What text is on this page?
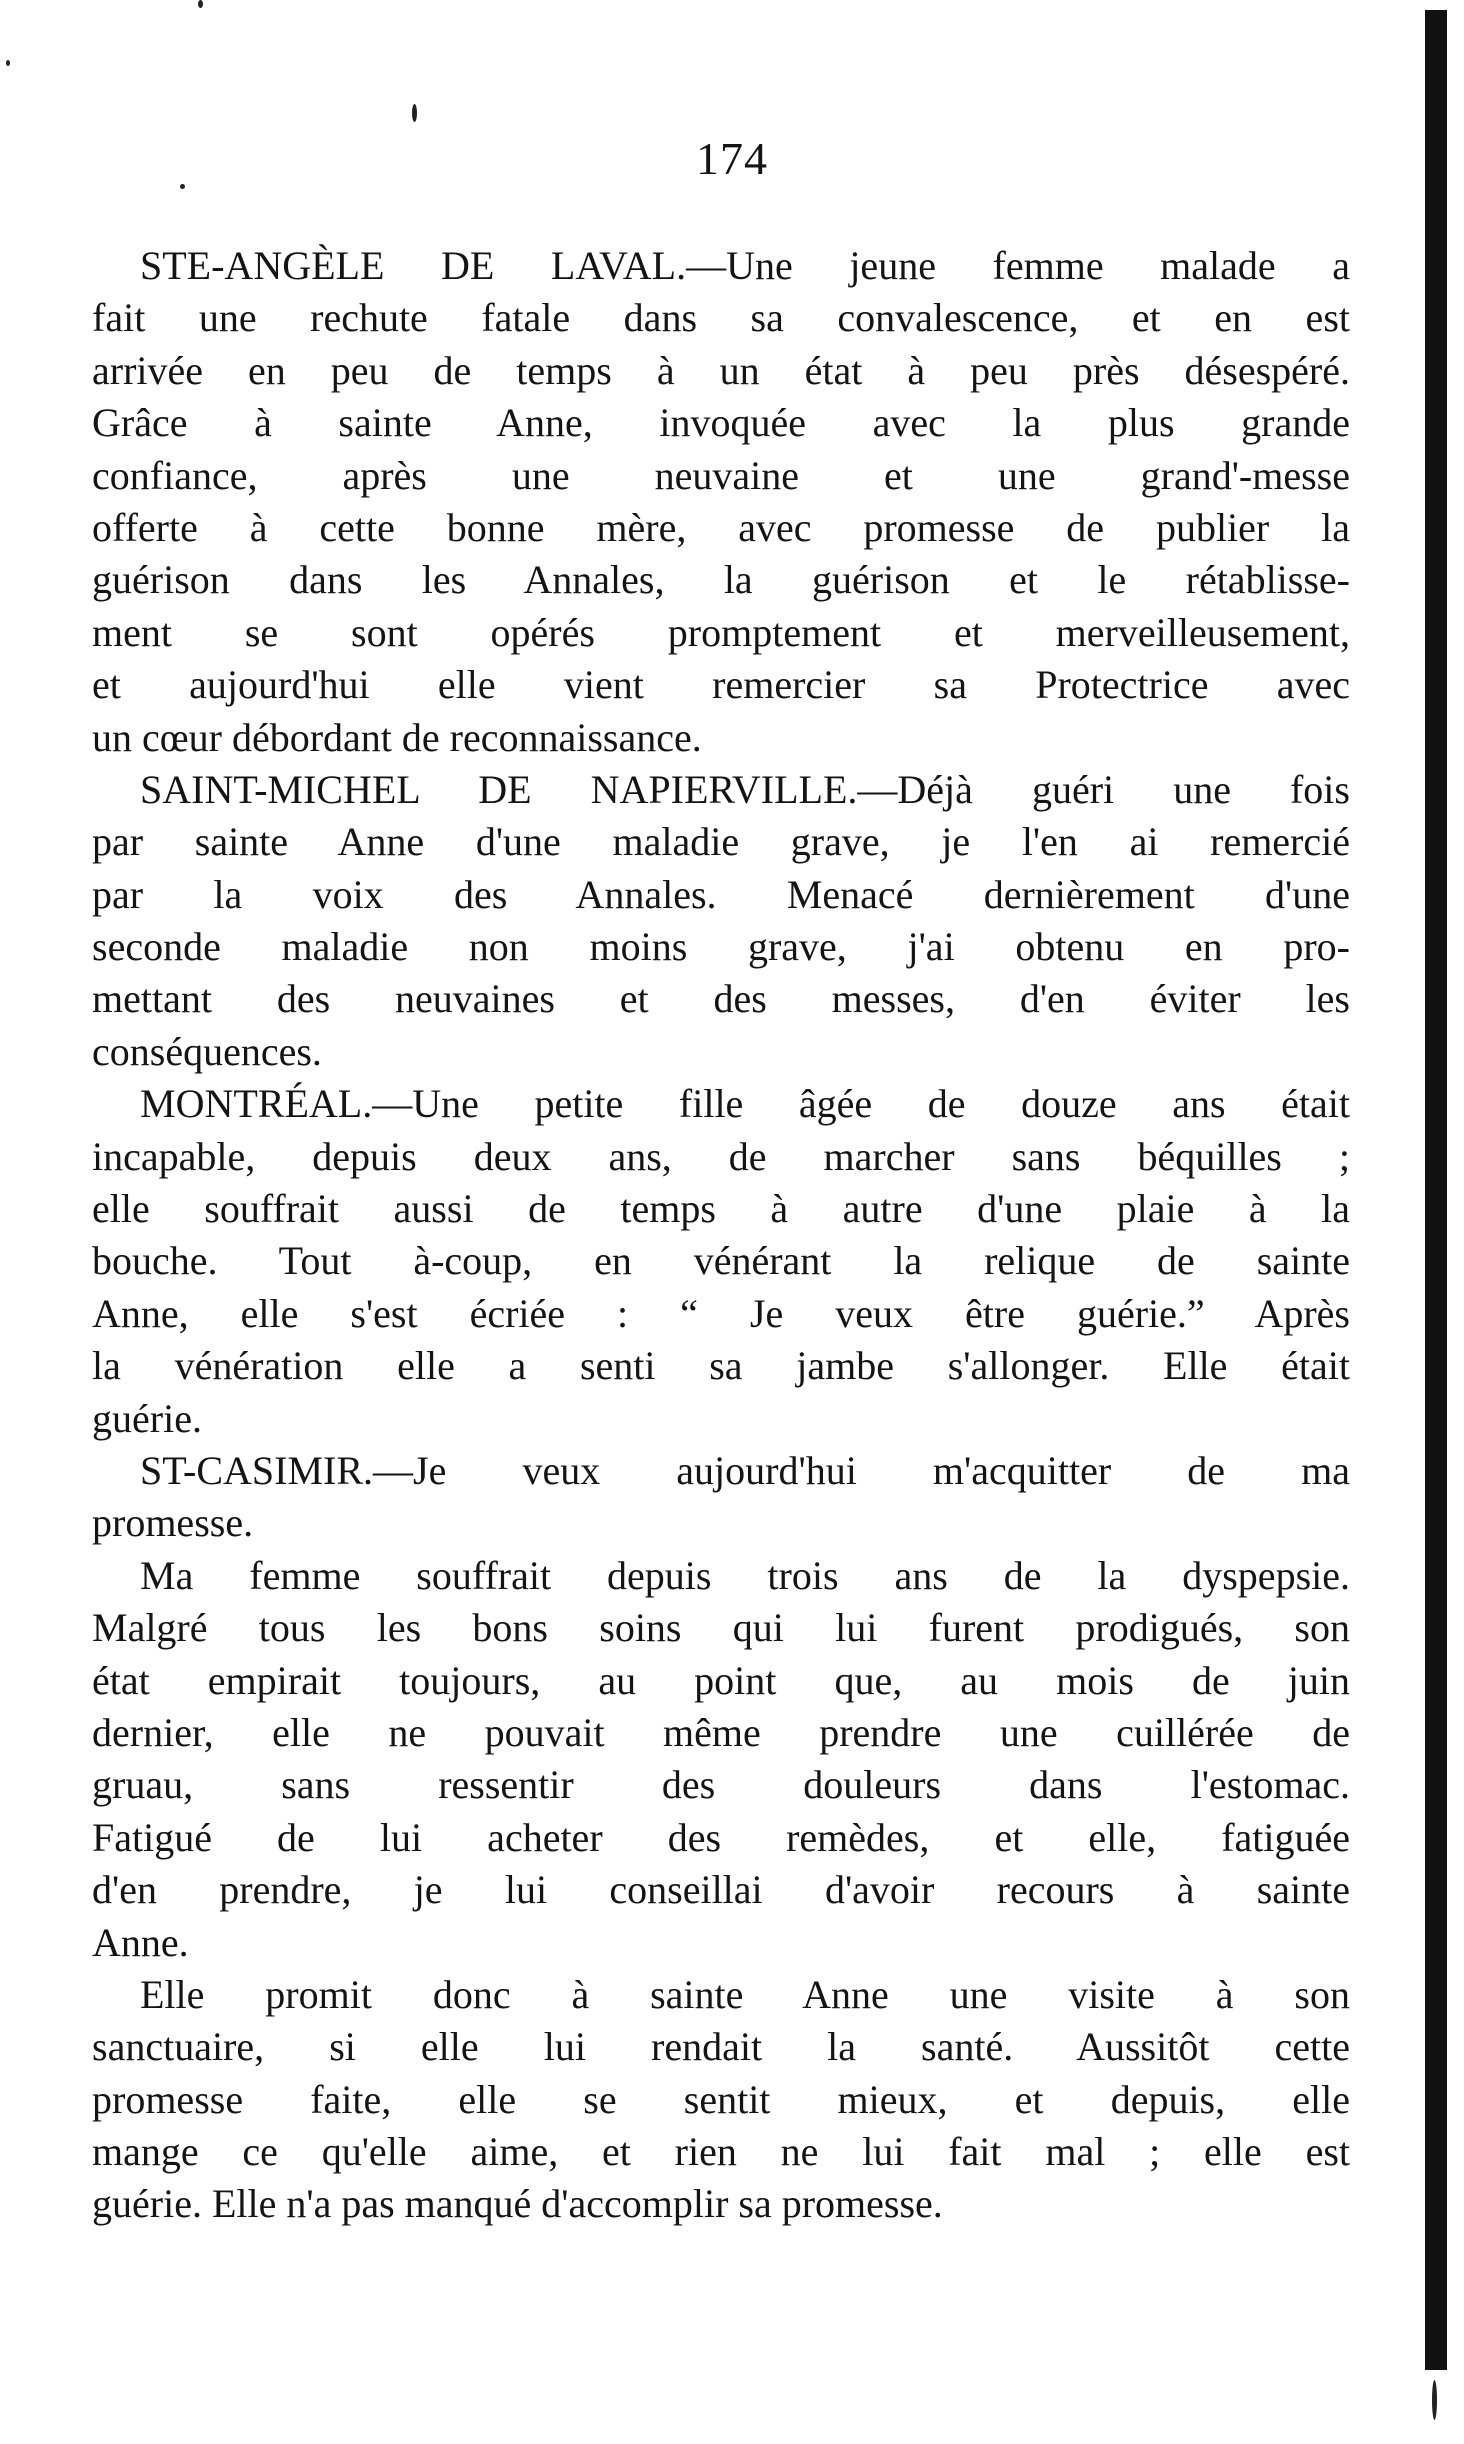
174
STE-ANGÈLE DE LAVAL.—Une jeune femme malade a
fait une rechute fatale dans sa convalescence, et en est
arrivée en peu de temps à un état à peu près désespéré.
Grâce à sainte Anne, invoquée avec la plus grande
confiance, après une neuvaine et une grand'-messe
offerte à cette bonne mère, avec promesse de publier la
guérison dans les Annales, la guérison et le rétablisse-
ment se sont opérés promptement et merveilleusement,
et aujourd'hui elle vient remercier sa Protectrice avec
un cœur débordant de reconnaissance.
SAINT-MICHEL DE NAPIERVILLE.—Déjà guéri une fois
par sainte Anne d'une maladie grave, je l'en ai remercié
par la voix des Annales. Menacé dernièrement d'une
seconde maladie non moins grave, j'ai obtenu en pro-
mettant des neuvaines et des messes, d'en éviter les
conséquences.
MONTRÉAL.—Une petite fille âgée de douze ans était
incapable, depuis deux ans, de marcher sans béquilles ;
elle souffrait aussi de temps à autre d'une plaie à la
bouche. Tout à-coup, en vénérant la relique de sainte
Anne, elle s'est écriée : “ Je veux être guérie.” Après
la vénération elle a senti sa jambe s'allonger. Elle était
guérie.
ST-CASIMIR.—Je veux aujourd'hui m'acquitter de ma
promesse.
Ma femme souffrait depuis trois ans de la dyspepsie.
Malgré tous les bons soins qui lui furent prodigués, son
état empirait toujours, au point que, au mois de juin
dernier, elle ne pouvait même prendre une cuillérée de
gruau, sans ressentir des douleurs dans l'estomac.
Fatigué de lui acheter des remèdes, et elle, fatiguée
d'en prendre, je lui conseillai d'avoir recours à sainte
Anne.
Elle promit donc à sainte Anne une visite à son
sanctuaire, si elle lui rendait la santé. Aussitôt cette
promesse faite, elle se sentit mieux, et depuis, elle
mange ce qu'elle aime, et rien ne lui fait mal ; elle est
guérie. Elle n'a pas manqué d'accomplir sa promesse.
